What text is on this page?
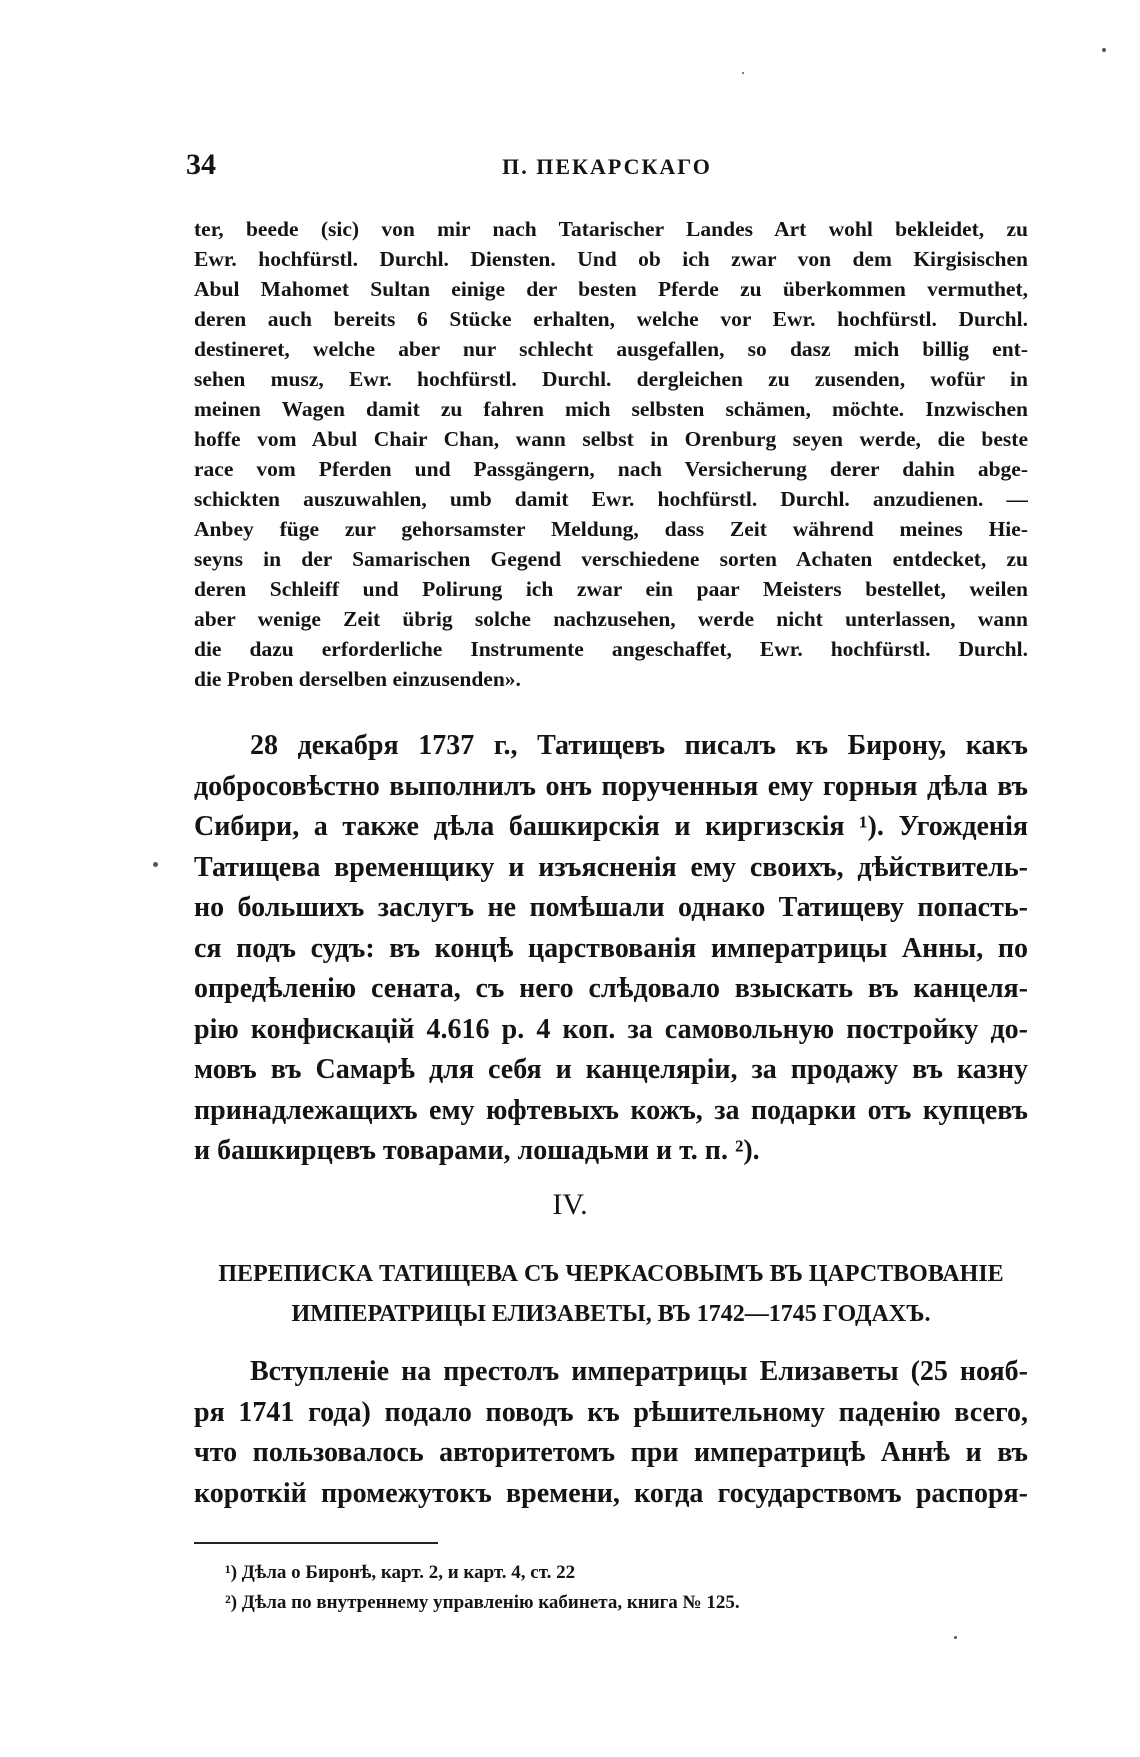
34	П. ПЕКАРСКАГО
ter, beede (sic) von mir nach Tatarischer Landes Art wohl bekleidet, zu
Ewr. hochfürstl. Durchl. Diensten. Und ob ich zwar von dem Kirgisischen
Abul Mahomet Sultan einige der besten Pferde zu überkommen vermuthet,
deren auch bereits 6 Stücke erhalten, welche vor Ewr. hochfürstl. Durchl.
destineret, welche aber nur schlecht ausgefallen, so dasz mich billig ent-
sehen musz, Ewr. hochfürstl. Durchl. dergleichen zu zusenden, wofür in
meinen Wagen damit zu fahren mich selbsten schämen, möchte. Inzwischen
hoffe vom Abul Chair Chan, wann selbst in Orenburg seyen werde, die beste
race vom Pferden und Passgängern, nach Versicherung derer dahin abge-
schickten auszuwahlen, umb damit Ewr. hochfürstl. Durchl. anzudienen. —
Anbey füge zur gehorsamster Meldung, dass Zeit während meines Hie-
seyns in der Samarischen Gegend verschiedene sorten Achaten entdecket, zu
deren Schleiff und Polirung ich zwar ein paar Meisters bestellet, weilen
aber wenige Zeit übrig solche nachzusehen, werde nicht unterlassen, wann
die dazu erforderliche Instrumente angeschaffet, Ewr. hochfürstl. Durchl.
die Proben derselben einzusenden».
28 декабря 1737 г., Татищевъ писалъ къ Бирону, какъ
добросовѣстно выполнилъ онъ порученныя ему горныя дѣла въ
Сибири, а также дѣла башкирскія и киргизскія ¹). Угожденія
Татищева временщику и изъясненія ему своихъ, дѣйствитель-
но большихъ заслугъ не помѣшали однако Татищеву попасть-
ся подъ судъ: въ концѣ царствованія императрицы Анны, по
опредѣленію сената, съ него слѣдовало взыскать въ канцеля-
рію конфискацій 4.616 р. 4 коп. за самовольную постройку до-
мовъ въ Самарѣ для себя и канцеляріи, за продажу въ казну
принадлежащихъ ему юфтевыхъ кожъ, за подарки отъ купцевъ
и башкирцевъ товарами, лошадьми и т. п. ²).
IV.
ПЕРЕПИСКА ТАТИЩЕВА СЪ ЧЕРКАСОВЫМЪ ВЪ ЦАРСТВОВАНІЕ
ИМПЕРАТРИЦЫ ЕЛИЗАВЕТЫ, ВЪ 1742—1745 ГОДАХЪ.
Вступленіе на престолъ императрицы Елизаветы (25 нояб-
ря 1741 года) подало поводъ къ рѣшительному паденію всего,
что пользовалось авторитетомъ при императрицѣ Аннѣ и въ
короткій промежутокъ времени, когда государствомъ распоря-
¹) Дѣла о Биронѣ, карт. 2, и карт. 4, ст. 22
²) Дѣла по внутреннему управленію кабинета, книга № 125.
